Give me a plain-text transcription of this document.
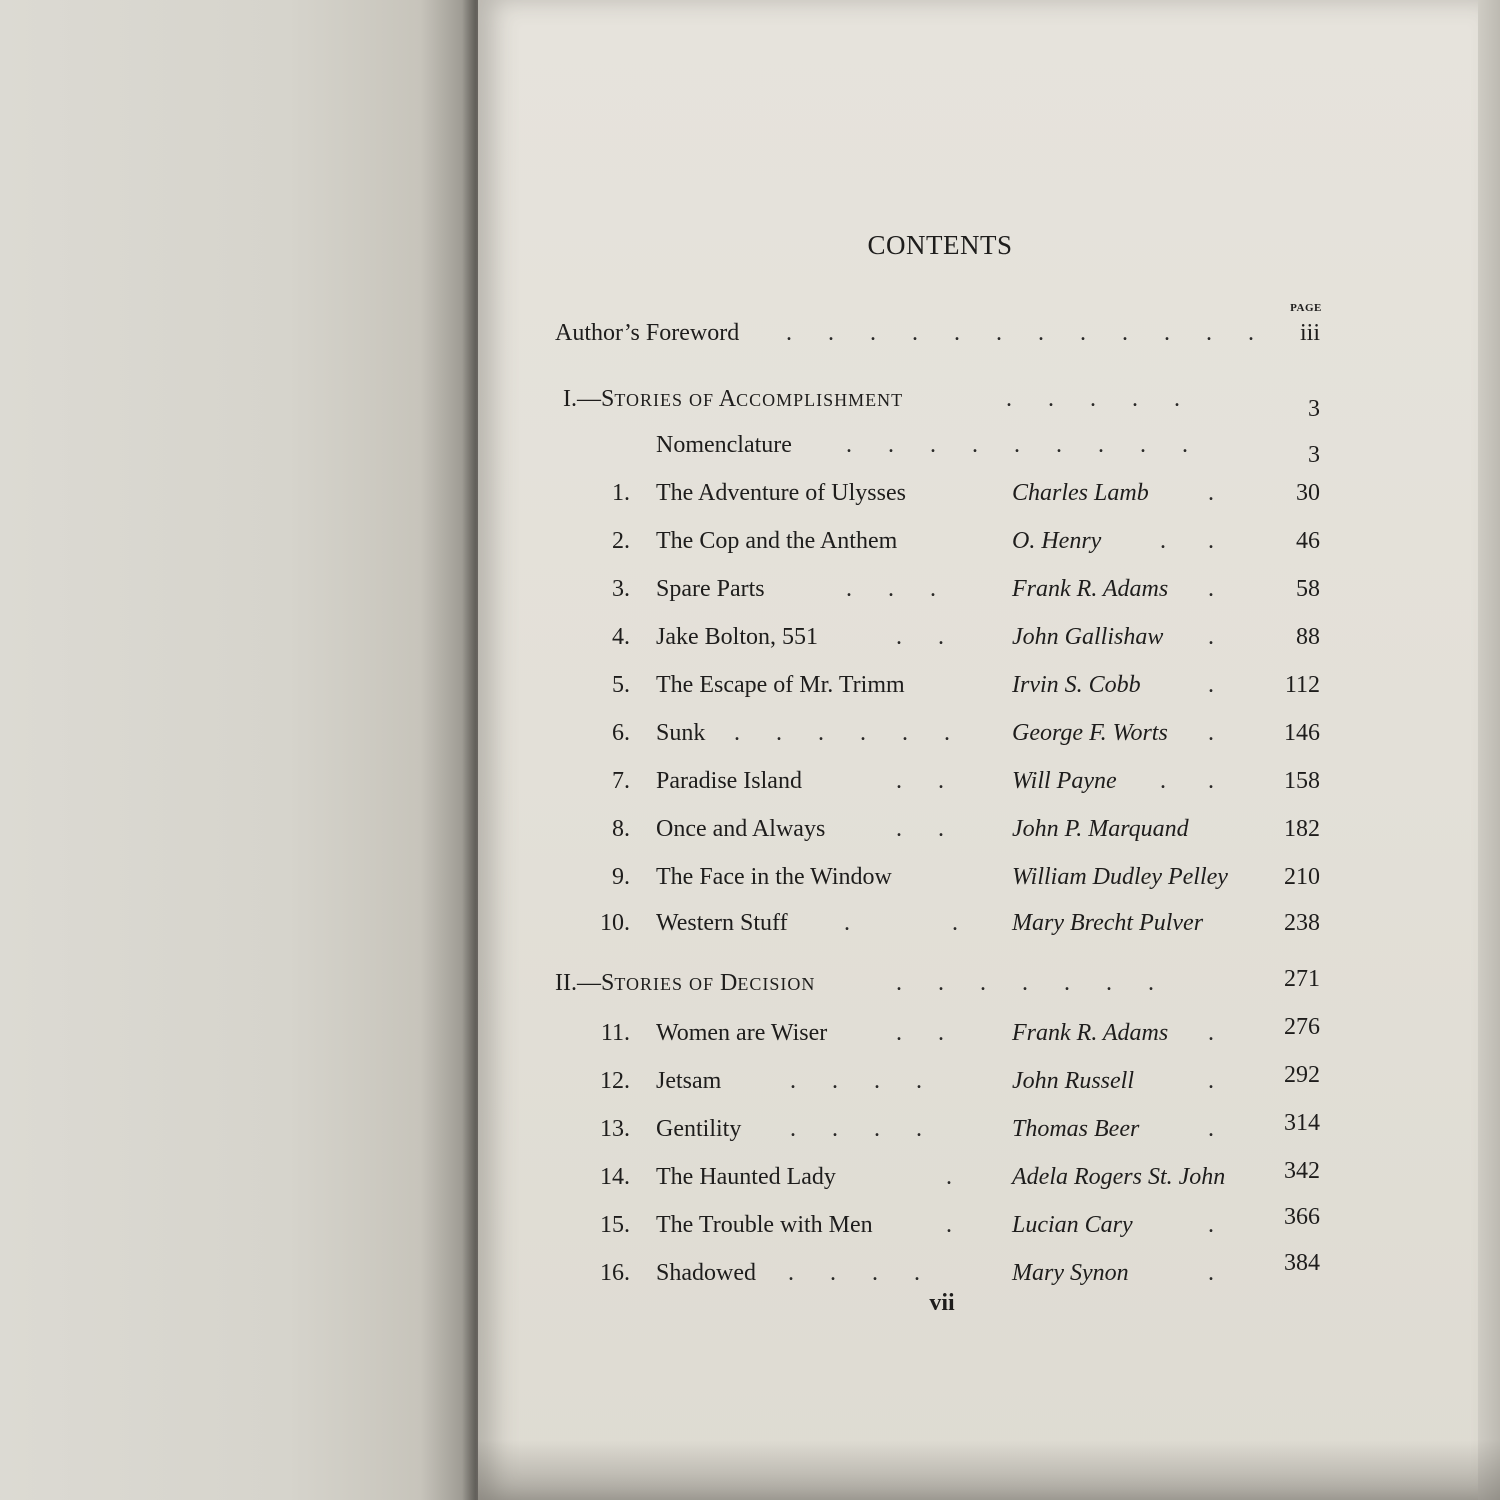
CONTENTS
PAGE
Author’s Foreword .      .      .      .      .      .      .      .      .      .      .      .	iii
I.—STORIES OF ACCOMPLISHMENT	.      .      .      .      .	3
Nomenclature .      .      .      .      .      .      .      .      .	3
1. The Adventure of Ulysses	Charles Lamb .	30
2. The Cop and the Anthem	O. Henry .       .	46
3. Spare Parts	.      .      .	Frank R. Adams .	58
4. Jake Bolton, 551	.      .	John Gallishaw .	88
5. The Escape of Mr. Trimm	Irvin S. Cobb	.	112
6. Sunk .      .      .      .      .      .	George F. Worts .	146
7. Paradise Island	.      .	Will Payne .       .	158
8. Once and Always	.      .	John P. Marquand	182
9. The Face in the Window	William Dudley Pelley	210
10. Western Stuff .                 . Mary Brecht Pulver	238
II.—STORIES OF DECISION	.      .      .      .      .      .      .	271
11. Women are Wiser	.      .	Frank R. Adams .	276
12. Jetsam	.      .      .      .	John Russell	.	292
13. Gentility .      .      .      .	Thomas Beer	.	314
14. The Haunted Lady	.	Adela Rogers St. John	342
15. The Trouble with Men	.	Lucian Cary	.	366
16. Shadowed .      .      .      .	Mary Synon	.	384
vii
